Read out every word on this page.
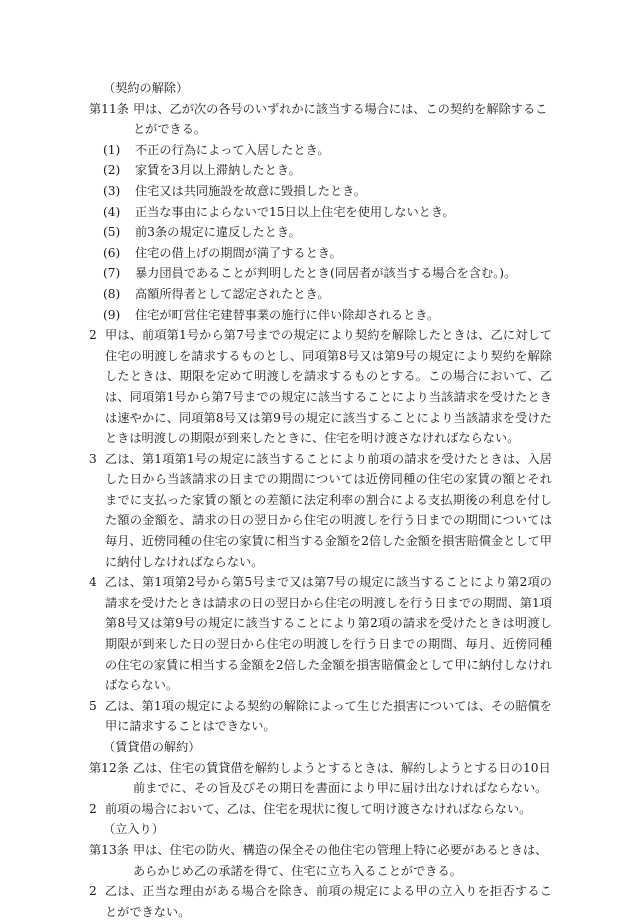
（契約の解除）
第11条 甲は、乙が次の各号のいずれかに該当する場合には、この契約を解除することができる。
(1)	不正の行為によって入居したとき。
(2)	家賃を3月以上滞納したとき。
(3)	住宅又は共同施設を故意に毀損したとき。
(4)	正当な事由によらないで15日以上住宅を使用しないとき。
(5)	前3条の規定に違反したとき。
(6)	住宅の借上げの期間が満了するとき。
(7)	暴力団員であることが判明したとき(同居者が該当する場合を含む。)。
(8)	高額所得者として認定されたとき。
(9)	住宅が町営住宅建替事業の施行に伴い除却されるとき。
2 甲は、前項第1号から第7号までの規定により契約を解除したときは、乙に対して住宅の明渡しを請求するものとし、同項第8号又は第9号の規定により契約を解除したときは、期限を定めて明渡しを請求するものとする。この場合において、乙は、同項第1号から第7号までの規定に該当することにより当該請求を受けたときは速やかに、同項第8号又は第9号の規定に該当することにより当該請求を受けたときは明渡しの期限が到来したときに、住宅を明け渡さなければならない。
3 乙は、第1項第1号の規定に該当することにより前項の請求を受けたときは、入居した日から当該請求の日までの期間については近傍同種の住宅の家賃の額とそれまでに支払った家賃の額との差額に法定利率の割合による支払期後の利息を付した額の金額を、請求の日の翌日から住宅の明渡しを行う日までの期間については毎月、近傍同種の住宅の家賃に相当する金額を2倍した金額を損害賠償金として甲に納付しなければならない。
4 乙は、第1項第2号から第5号まで又は第7号の規定に該当することにより第2項の請求を受けたときは請求の日の翌日から住宅の明渡しを行う日までの期間、第1項第8号又は第9号の規定に該当することにより第2項の請求を受けたときは明渡し期限が到来した日の翌日から住宅の明渡しを行う日までの期間、毎月、近傍同種の住宅の家賃に相当する金額を2倍した金額を損害賠償金として甲に納付しなければならない。
5 乙は、第1項の規定による契約の解除によって生じた損害については、その賠償を甲に請求することはできない。
（賃貸借の解約）
第12条 乙は、住宅の賃貸借を解約しようとするときは、解約しようとする日の10日前までに、その旨及びその期日を書面により甲に届け出なければならない。
2 前項の場合において、乙は、住宅を現状に復して明け渡さなければならない。
（立入り）
第13条 甲は、住宅の防火、構造の保全その他住宅の管理上特に必要があるときは、あらかじめ乙の承諾を得て、住宅に立ち入ることができる。
2 乙は、正当な理由がある場合を除き、前項の規定による甲の立入りを拒否することができない。
